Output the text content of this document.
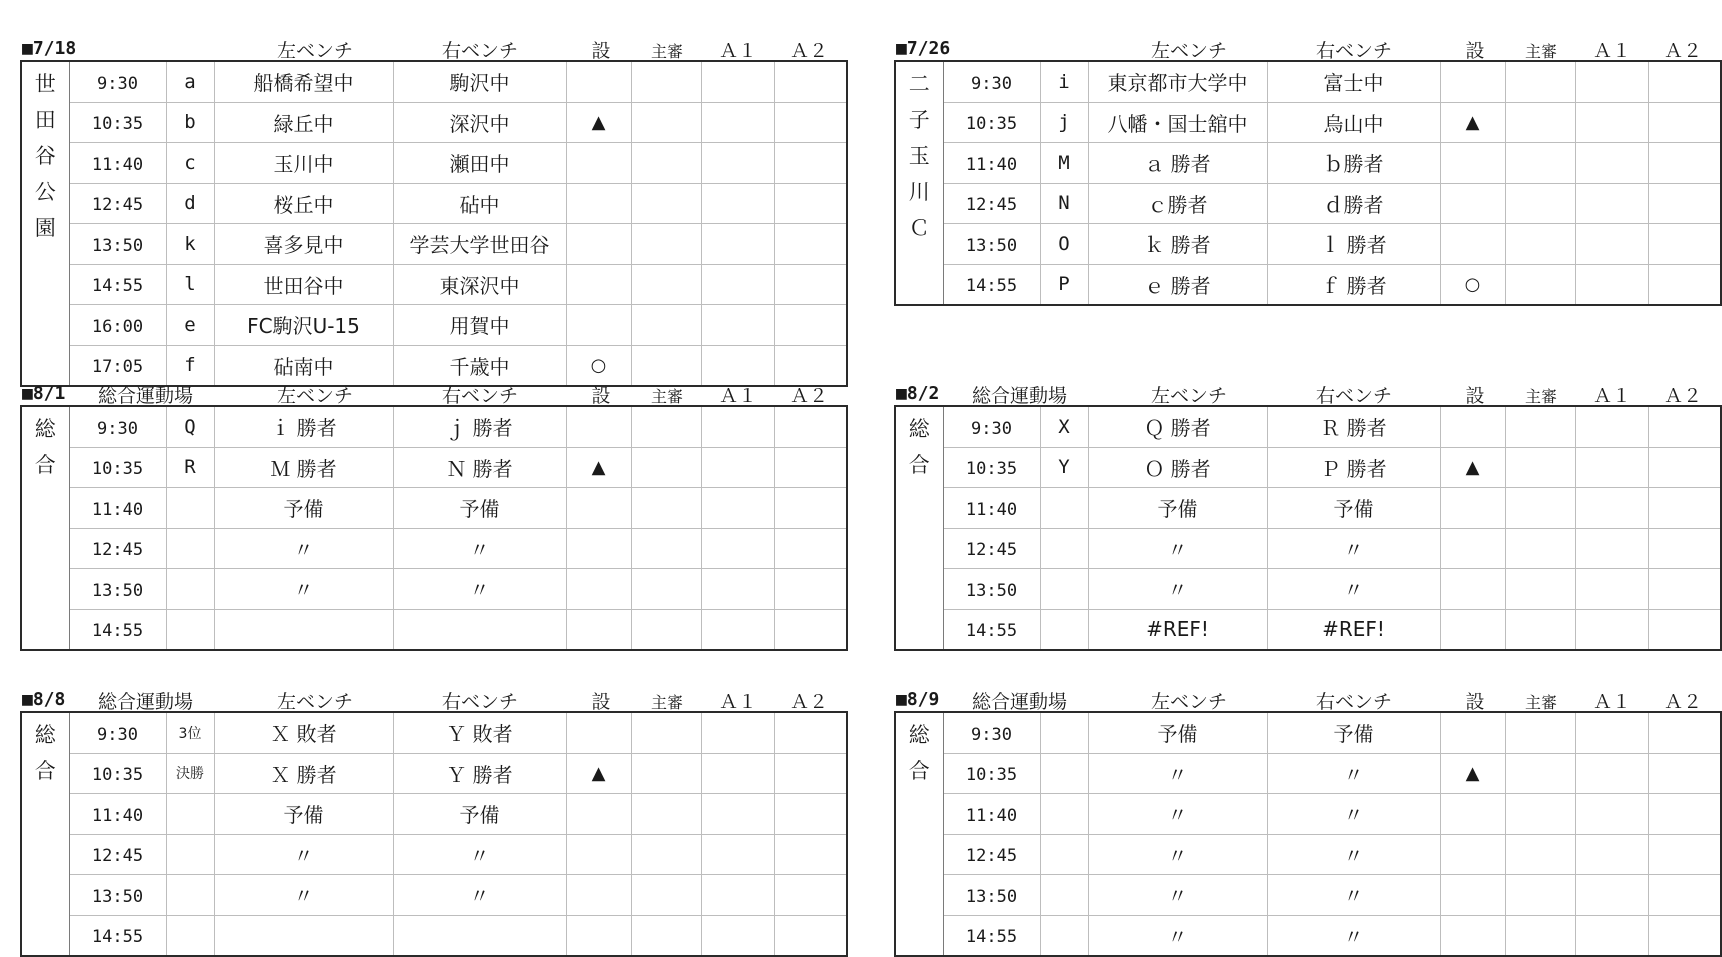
■7/18	左ベンチ	右ベンチ	設	主審 Ａ１ Ａ２
世
田
谷
公
園	9:30	a	船橋希望中	駒沢中				
	10:35	b	緑丘中	深沢中	▲			
	11:40	c	玉川中	瀬田中				
	12:45	d	桜丘中	砧中				
	13:50	k	喜多見中	学芸大学世田谷				
	14:55	l	世田谷中	東深沢中				
	16:00	e	FC駒沢U-15	用賀中				
	17:05	f	砧南中	千歳中	○			
■7/26	左ベンチ	右ベンチ	設	主審 Ａ１ Ａ２
二
子
玉
川
Ｃ	9:30	i	東京都市大学中	富士中				
	10:35	j	八幡・国士舘中	烏山中	▲			
	11:40	M	ａ 勝者	ｂ勝者				
	12:45	N	ｃ勝者	ｄ勝者				
	13:50	O	ｋ 勝者	ｌ 勝者				
	14:55	P	ｅ 勝者	ｆ 勝者	○			
■8/1 総合運動場	左ベンチ	右ベンチ	設	主審 Ａ１ Ａ２
総
合	9:30	Q	ｉ 勝者	ｊ 勝者				
	10:35	R	Ｍ 勝者	Ｎ 勝者	▲			
	11:40		予備	予備				
	12:45		〃	〃				
	13:50		〃	〃				
	14:55							
■8/2 総合運動場	左ベンチ	右ベンチ	設	主審 Ａ１ Ａ２
総
合	9:30	X	Ｑ 勝者	Ｒ 勝者				
	10:35	Y	Ｏ 勝者	Ｐ 勝者	▲			
	11:40		予備	予備				
	12:45		〃	〃				
	13:50		〃	〃				
	14:55		#REF!	#REF!				
■8/8 総合運動場	左ベンチ	右ベンチ	設	主審 Ａ１ Ａ２
総
合	9:30	3位	Ｘ 敗者	Ｙ 敗者				
	10:35	決勝	Ｘ 勝者	Ｙ 勝者	▲			
	11:40		予備	予備				
	12:45		〃	〃				
	13:50		〃	〃				
	14:55							
■8/9 総合運動場	左ベンチ	右ベンチ	設	主審 Ａ１ Ａ２
総
合	9:30		予備	予備				
	10:35		〃	〃	▲			
	11:40		〃	〃				
	12:45		〃	〃				
	13:50		〃	〃				
	14:55		〃	〃				
